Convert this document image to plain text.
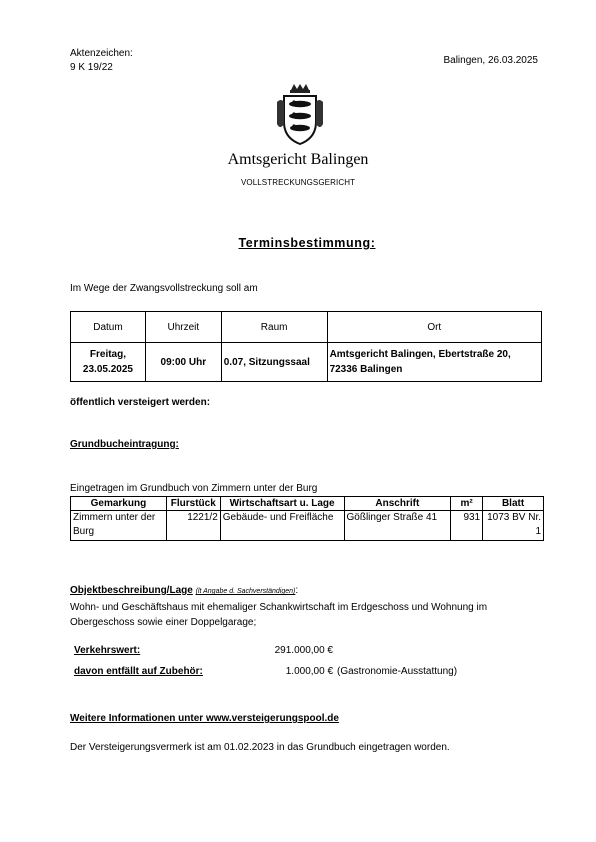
Aktenzeichen:
9 K 19/22
Balingen, 26.03.2025
Amtsgericht Balingen
VOLLSTRECKUNGSGERICHT
Terminsbestimmung:
Im Wege der Zwangsvollstreckung soll am
Datum	Uhrzeit	Raum	Ort
Freitag, 23.05.2025	09:00 Uhr	0.07, Sitzungssaal	Amtsgericht Balingen, Ebertstraße 20, 72336 Balingen
öffentlich versteigert werden:
Grundbucheintragung:
Eingetragen im Grundbuch von Zimmern unter der Burg
Gemarkung	Flurstück	Wirtschaftsart u. Lage	Anschrift	m²	Blatt
Zimmern unter der Burg	1221/2	Gebäude- und Freifläche	Gößlinger Straße 41	931	1073 BV Nr. 1
Objektbeschreibung/Lage (lt Angabe d. Sachverständigen):
Wohn- und Geschäftshaus mit ehemaliger Schankwirtschaft im Erdgeschoss und Wohnung im Obergeschoss sowie einer Doppelgarage;
Verkehrswert:	291.000,00 €
davon entfällt auf Zubehör:	1.000,00 € (Gastronomie-Ausstattung)
Weitere Informationen unter www.versteigerungspool.de
Der Versteigerungsvermerk ist am 01.02.2023 in das Grundbuch eingetragen worden.
